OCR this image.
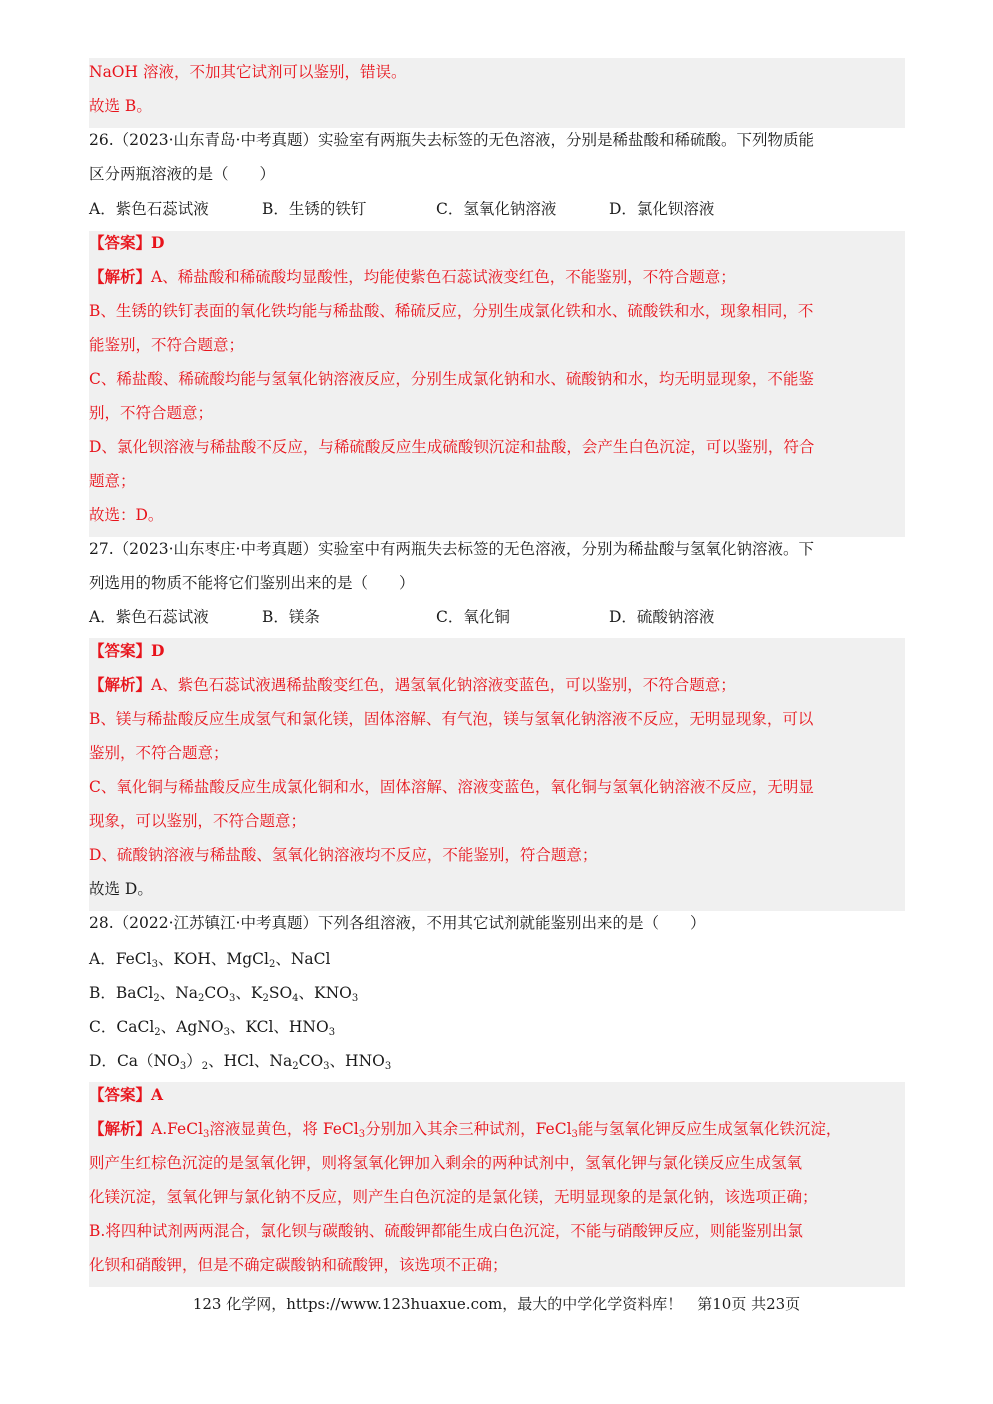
NaOH 溶液，不加其它试剂可以鉴别，错误。
故选 B。
26.（2023·山东青岛·中考真题）实验室有两瓶失去标签的无色溶液，分别是稀盐酸和稀硫酸。下列物质能
区分两瓶溶液的是（　　）
A．紫色石蕊试液	B．生锈的铁钉	C．氢氧化钠溶液	D．氯化钡溶液
【答案】D
【解析】A、稀盐酸和稀硫酸均显酸性，均能使紫色石蕊试液变红色，不能鉴别，不符合题意；
B、生锈的铁钉表面的氧化铁均能与稀盐酸、稀硫反应，分别生成氯化铁和水、硫酸铁和水，现象相同，不
能鉴别，不符合题意；
C、稀盐酸、稀硫酸均能与氢氧化钠溶液反应，分别生成氯化钠和水、硫酸钠和水，均无明显现象，不能鉴
别，不符合题意；
D、氯化钡溶液与稀盐酸不反应，与稀硫酸反应生成硫酸钡沉淀和盐酸，会产生白色沉淀，可以鉴别，符合
题意；
故选：D。
27.（2023·山东枣庄·中考真题）实验室中有两瓶失去标签的无色溶液，分别为稀盐酸与氢氧化钠溶液。下
列选用的物质不能将它们鉴别出来的是（　　）
A．紫色石蕊试液	B．镁条	C．氧化铜	D．硫酸钠溶液
【答案】D
【解析】A、紫色石蕊试液遇稀盐酸变红色，遇氢氧化钠溶液变蓝色，可以鉴别，不符合题意；
B、镁与稀盐酸反应生成氢气和氯化镁，固体溶解、有气泡，镁与氢氧化钠溶液不反应，无明显现象，可以
鉴别，不符合题意；
C、氧化铜与稀盐酸反应生成氯化铜和水，固体溶解、溶液变蓝色，氧化铜与氢氧化钠溶液不反应，无明显
现象，可以鉴别，不符合题意；
D、硫酸钠溶液与稀盐酸、氢氧化钠溶液均不反应，不能鉴别，符合题意；
故选 D。
28.（2022·江苏镇江·中考真题）下列各组溶液，不用其它试剂就能鉴别出来的是（　　）
A．FeCl$_3$、KOH、MgCl$_2$、NaCl
B．BaCl$_2$、$Na_2CO_3$、$K_2SO_4$、$KNO_3$
C．CaCl$_2$、AgNO$_3$、KCl、$HNO_3$
D．$Ca(NO_3)_2$、HCl、$Na_2CO_3$、$HNO_3$
【答案】A
【解析】A.FeCl$_3$溶液显黄色，将 FeCl$_3$分别加入其余三种试剂，FeCl$_3$能与氢氧化钾反应生成氢氧化铁沉淀，
则产生红棕色沉淀的是氢氧化钾，则将氢氧化钾加入剩余的两种试剂中，氢氧化钾与氯化镁反应生成氢氧
化镁沉淀，氢氧化钾与氯化钠不反应，则产生白色沉淀的是氯化镁，无明显现象的是氯化钠，该选项正确；
B.将四种试剂两两混合，氯化钡与碳酸钠、硫酸钾都能生成白色沉淀，不能与硝酸钾反应，则能鉴别出氯
化钡和硝酸钾，但是不确定碳酸钠和硫酸钾，该选项不正确；
123 化学网，https://www.123huaxue.com，最大的中学化学资料库！　第10页 共23页
